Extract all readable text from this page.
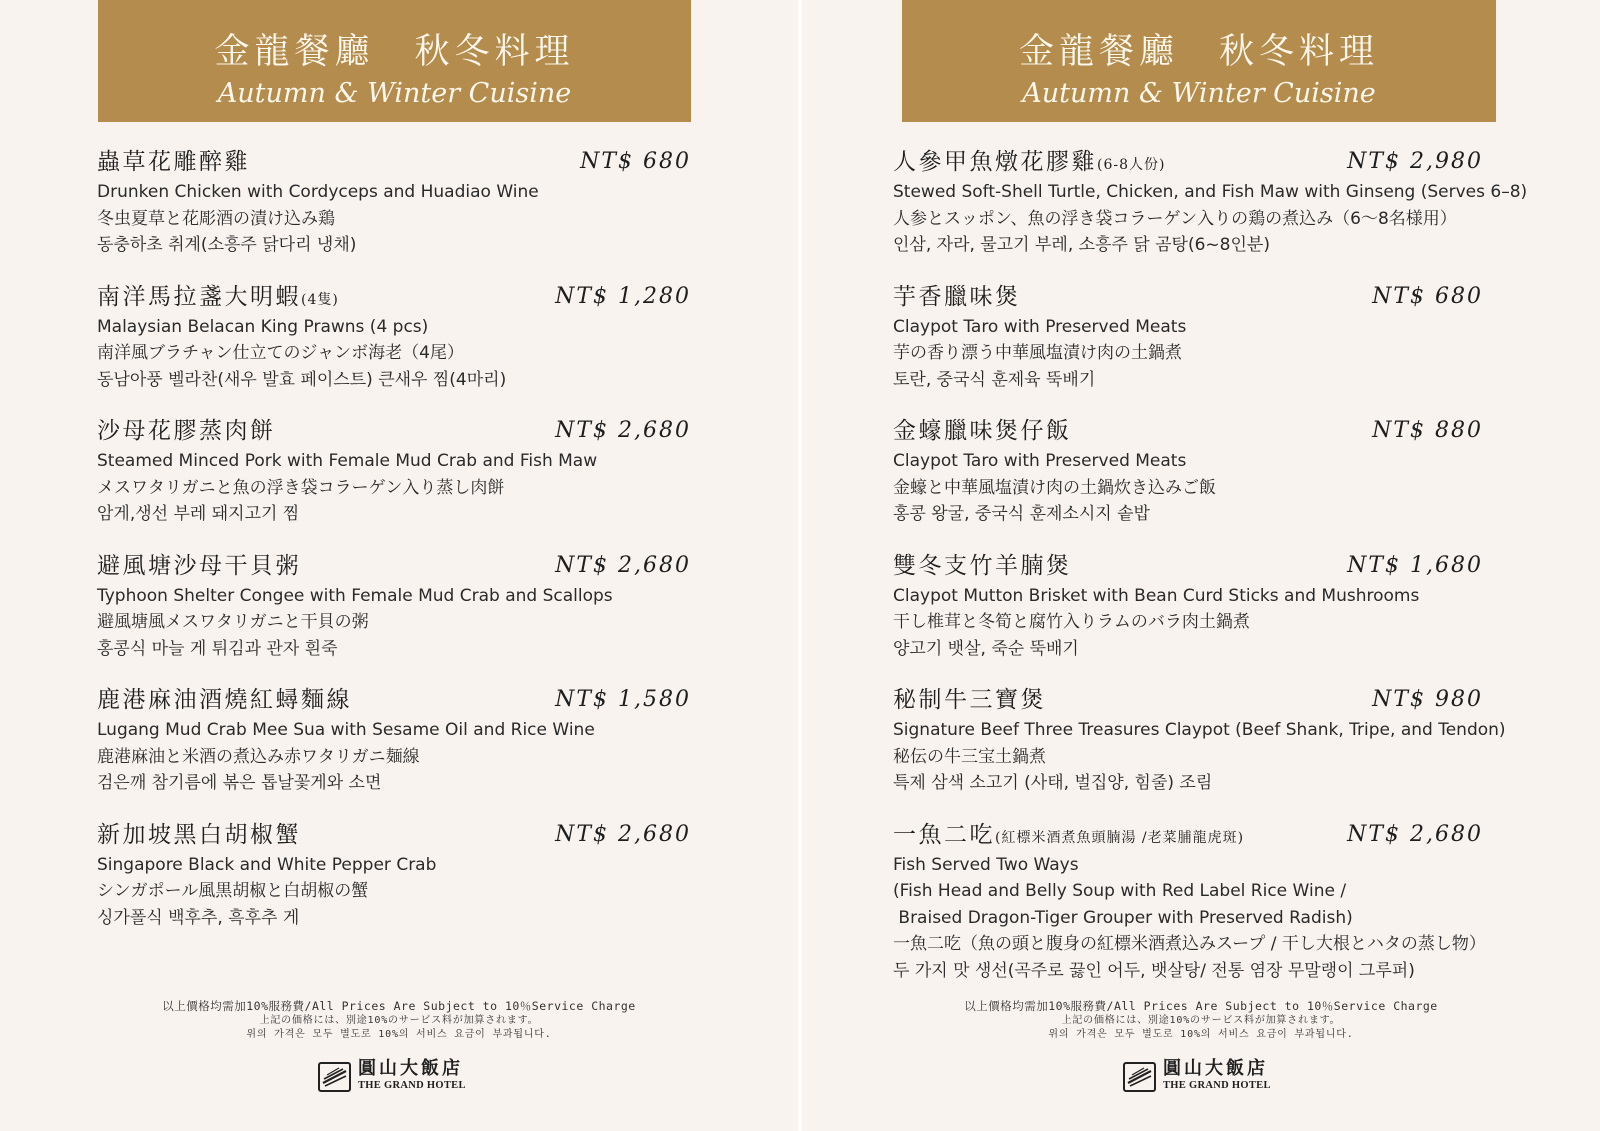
金龍餐廳　秋冬料理
Autumn & Winter Cuisine
蟲草花雕醉雞	NT$ 680
Drunken Chicken with Cordyceps and Huadiao Wine
冬虫夏草と花彫酒の漬け込み鶏
동충하초 취계(소흥주 닭다리 냉채)
南洋馬拉盞大明蝦(4隻)	NT$ 1,280
Malaysian Belacan King Prawns (4 pcs)
南洋風ブラチャン仕立てのジャンボ海老（4尾）
동남아풍 벨라찬(새우 발효 페이스트) 큰새우 찜(4마리)
沙母花膠蒸肉餅	NT$ 2,680
Steamed Minced Pork with Female Mud Crab and Fish Maw
メスワタリガニと魚の浮き袋コラーゲン入り蒸し肉餅
암게,생선 부레 돼지고기 찜
避風塘沙母干貝粥	NT$ 2,680
Typhoon Shelter Congee with Female Mud Crab and Scallops
避風塘風メスワタリガニと干貝の粥
홍콩식 마늘 게 튀김과 관자 흰죽
鹿港麻油酒燒紅蟳麵線	NT$ 1,580
Lugang Mud Crab Mee Sua with Sesame Oil and Rice Wine
鹿港麻油と米酒の煮込み赤ワタリガニ麺線
검은깨 참기름에 볶은 톱날꽃게와 소면
新加坡黑白胡椒蟹	NT$ 2,680
Singapore Black and White Pepper Crab
シンガポール風黒胡椒と白胡椒の蟹
싱가폴식 백후추, 흑후추 게
以上價格均需加10%服務費/All Prices Are Subject to 10％Service Charge
上記の価格には、別途10%のサービス料が加算されます。
위의 가격은 모두 별도로 10%의 서비스 요금이 부과됩니다.
圓山大飯店
THE GRAND HOTEL
金龍餐廳　秋冬料理
Autumn & Winter Cuisine
人參甲魚燉花膠雞(6-8人份)	NT$ 2,980
Stewed Soft-Shell Turtle, Chicken, and Fish Maw with Ginseng (Serves 6–8)
人参とスッポン、魚の浮き袋コラーゲン入りの鶏の煮込み（6～8名様用）
인삼, 자라, 물고기 부레, 소흥주 닭 곰탕(6~8인분)
芋香臘味煲	NT$ 680
Claypot Taro with Preserved Meats
芋の香り漂う中華風塩漬け肉の土鍋煮
토란, 중국식 훈제육 뚝배기
金蠔臘味煲仔飯	NT$ 880
Claypot Taro with Preserved Meats
金蠔と中華風塩漬け肉の土鍋炊き込みご飯
홍콩 왕굴, 중국식 훈제소시지 솥밥
雙冬支竹羊腩煲	NT$ 1,680
Claypot Mutton Brisket with Bean Curd Sticks and Mushrooms
干し椎茸と冬筍と腐竹入りラムのバラ肉土鍋煮
양고기 뱃살, 죽순 뚝배기
秘制牛三寶煲	NT$ 980
Signature Beef Three Treasures Claypot (Beef Shank, Tripe, and Tendon)
秘伝の牛三宝土鍋煮
특제 삼색 소고기 (사태, 벌집양, 힘줄) 조림
一魚二吃(紅標米酒煮魚頭腩湯 /老菜脯龍虎斑)	NT$ 2,680
Fish Served Two Ways
(Fish Head and Belly Soup with Red Label Rice Wine /
Braised Dragon-Tiger Grouper with Preserved Radish)
一魚二吃（魚の頭と腹身の紅標米酒煮込みスープ / 干し大根とハタの蒸し物）
두 가지 맛 생선(곡주로 끓인 어두, 뱃살탕/ 전통 염장 무말랭이 그루퍼)
以上價格均需加10%服務費/All Prices Are Subject to 10％Service Charge
上記の価格には、別途10%のサービス料が加算されます。
위의 가격은 모두 별도로 10%의 서비스 요금이 부과됩니다.
圓山大飯店
THE GRAND HOTEL
